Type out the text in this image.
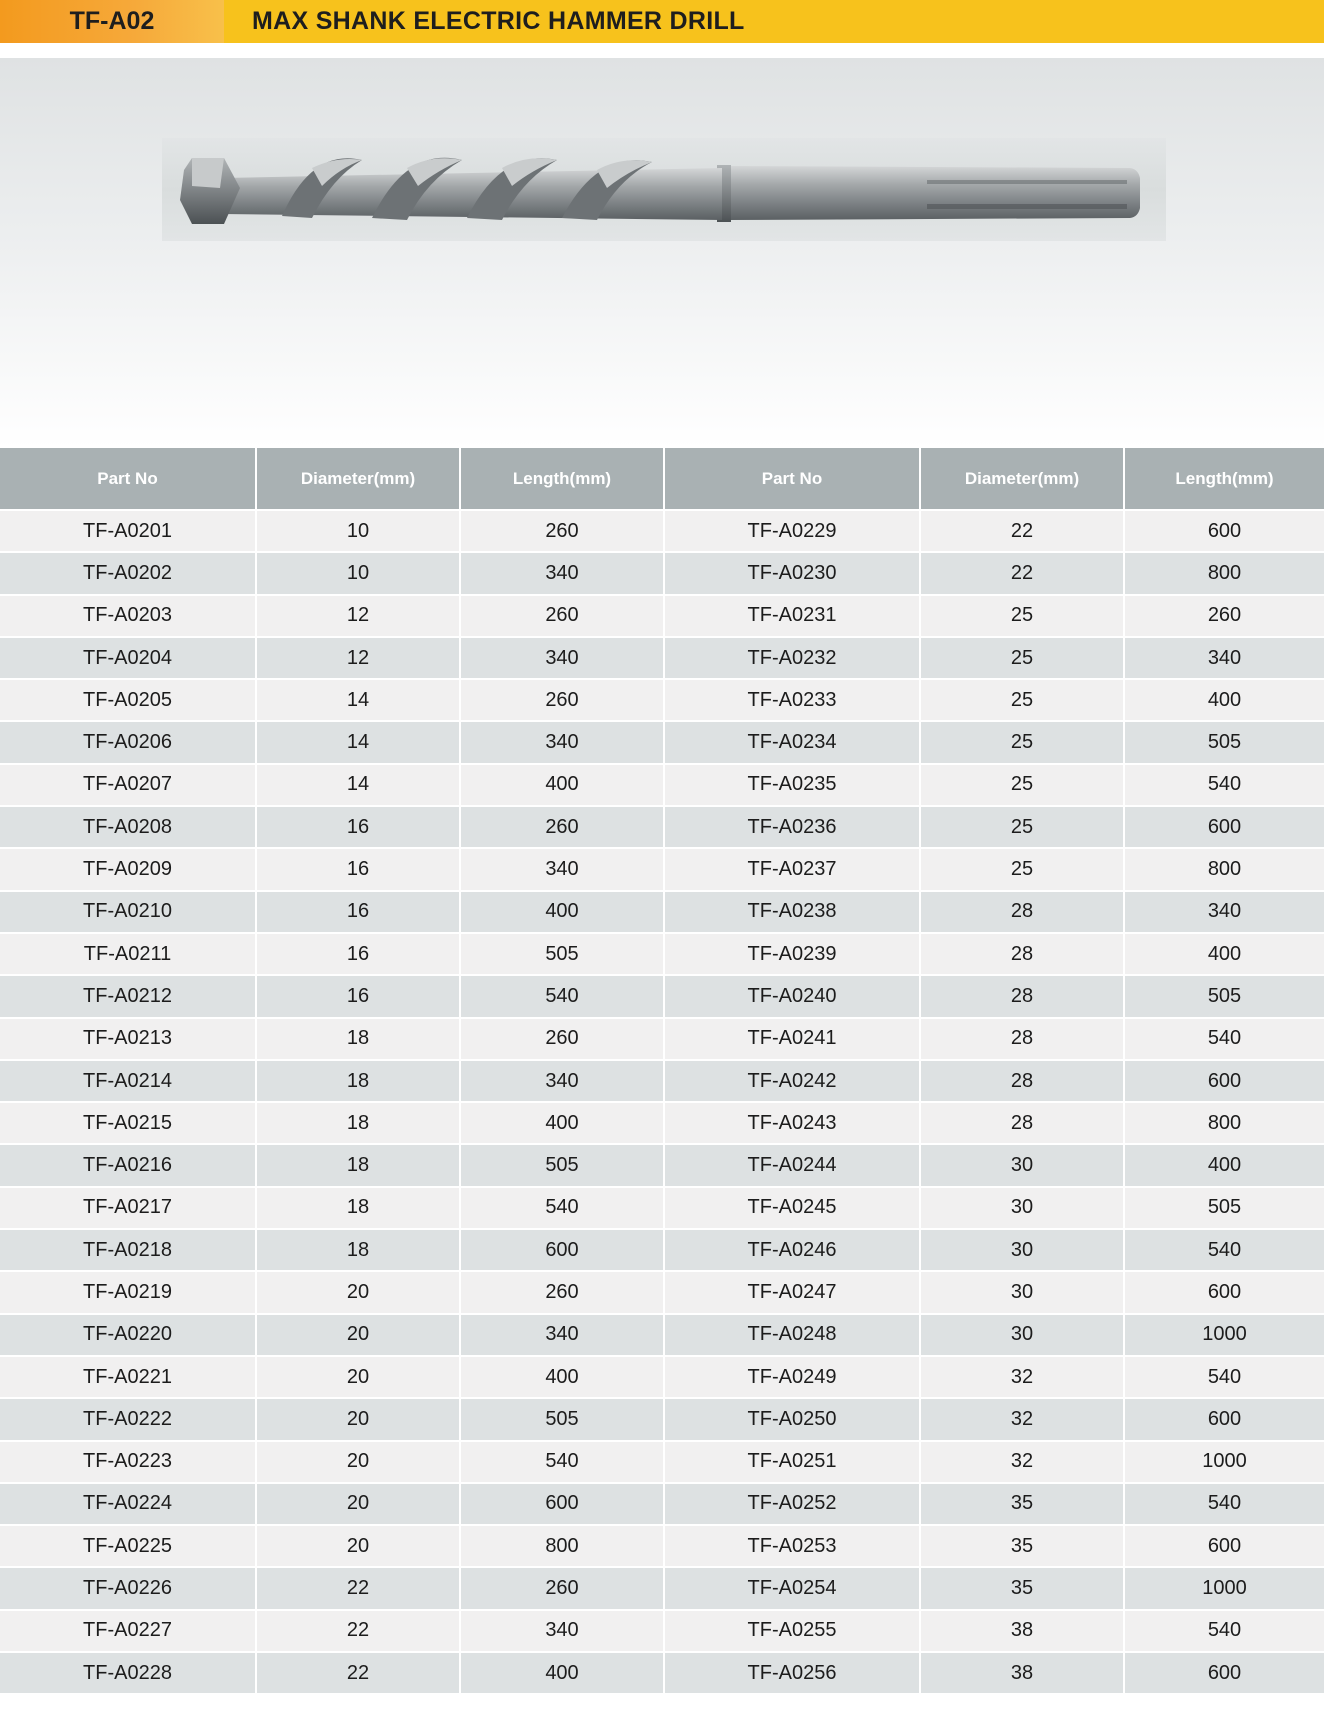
TF-A02	MAX SHANK ELECTRIC HAMMER DRILL
Part No	Diameter(mm)	Length(mm)	Part No	Diameter(mm)	Length(mm)
TF-A0201	10	260	TF-A0229	22	600
TF-A0202	10	340	TF-A0230	22	800
TF-A0203	12	260	TF-A0231	25	260
TF-A0204	12	340	TF-A0232	25	340
TF-A0205	14	260	TF-A0233	25	400
TF-A0206	14	340	TF-A0234	25	505
TF-A0207	14	400	TF-A0235	25	540
TF-A0208	16	260	TF-A0236	25	600
TF-A0209	16	340	TF-A0237	25	800
TF-A0210	16	400	TF-A0238	28	340
TF-A0211	16	505	TF-A0239	28	400
TF-A0212	16	540	TF-A0240	28	505
TF-A0213	18	260	TF-A0241	28	540
TF-A0214	18	340	TF-A0242	28	600
TF-A0215	18	400	TF-A0243	28	800
TF-A0216	18	505	TF-A0244	30	400
TF-A0217	18	540	TF-A0245	30	505
TF-A0218	18	600	TF-A0246	30	540
TF-A0219	20	260	TF-A0247	30	600
TF-A0220	20	340	TF-A0248	30	1000
TF-A0221	20	400	TF-A0249	32	540
TF-A0222	20	505	TF-A0250	32	600
TF-A0223	20	540	TF-A0251	32	1000
TF-A0224	20	600	TF-A0252	35	540
TF-A0225	20	800	TF-A0253	35	600
TF-A0226	22	260	TF-A0254	35	1000
TF-A0227	22	340	TF-A0255	38	540
TF-A0228	22	400	TF-A0256	38	600
